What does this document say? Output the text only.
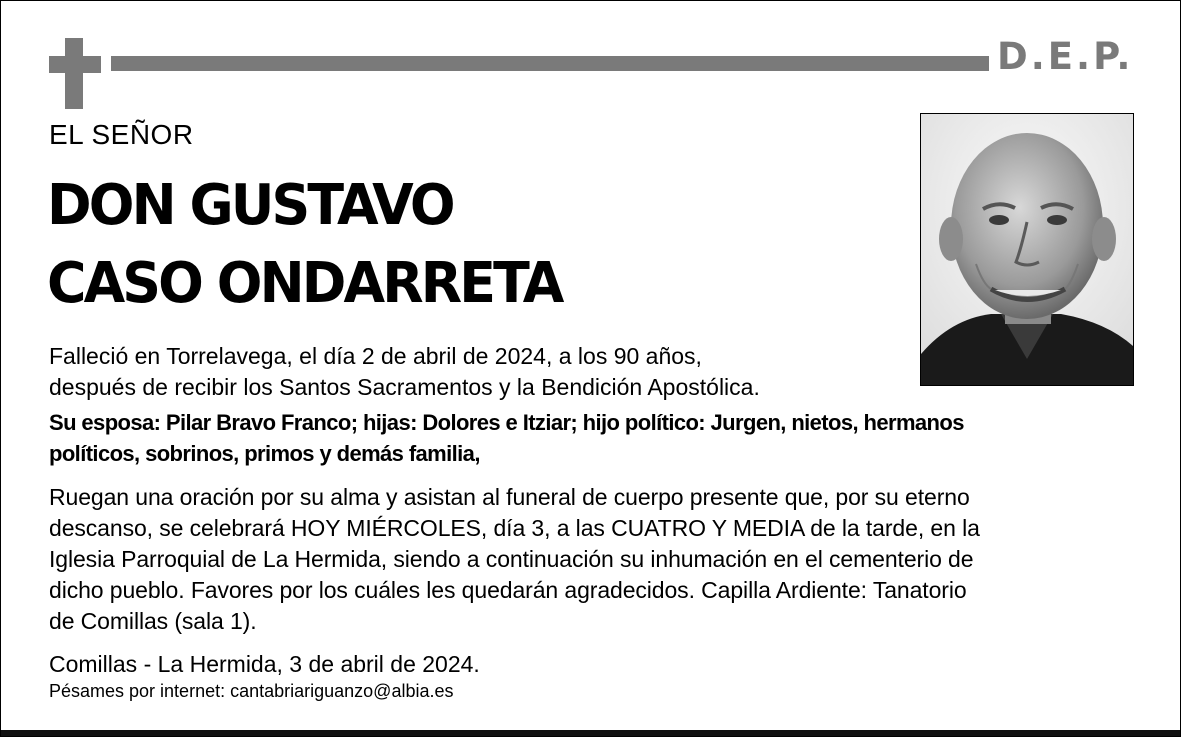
D.E.P.
EL SEÑOR
DON GUSTAVO
CASO ONDARRETA
Falleció en Torrelavega, el día 2 de abril de 2024, a los 90 años,
después de recibir los Santos Sacramentos y la Bendición Apostólica.
Su esposa: Pilar Bravo Franco; hijas: Dolores e Itziar; hijo político: Jurgen, nietos, hermanos
políticos, sobrinos, primos y demás familia,
Ruegan una oración por su alma y asistan al funeral de cuerpo presente que, por su eterno
descanso, se celebrará HOY MIÉRCOLES, día 3, a las CUATRO Y MEDIA de la tarde, en la
Iglesia Parroquial de La Hermida, siendo a continuación su inhumación en el cementerio de
dicho pueblo. Favores por los cuáles les quedarán agradecidos. Capilla Ardiente: Tanatorio
de Comillas (sala 1).
Comillas - La Hermida, 3 de abril de 2024.
Pésames por internet: cantabriariguanzo@albia.es
